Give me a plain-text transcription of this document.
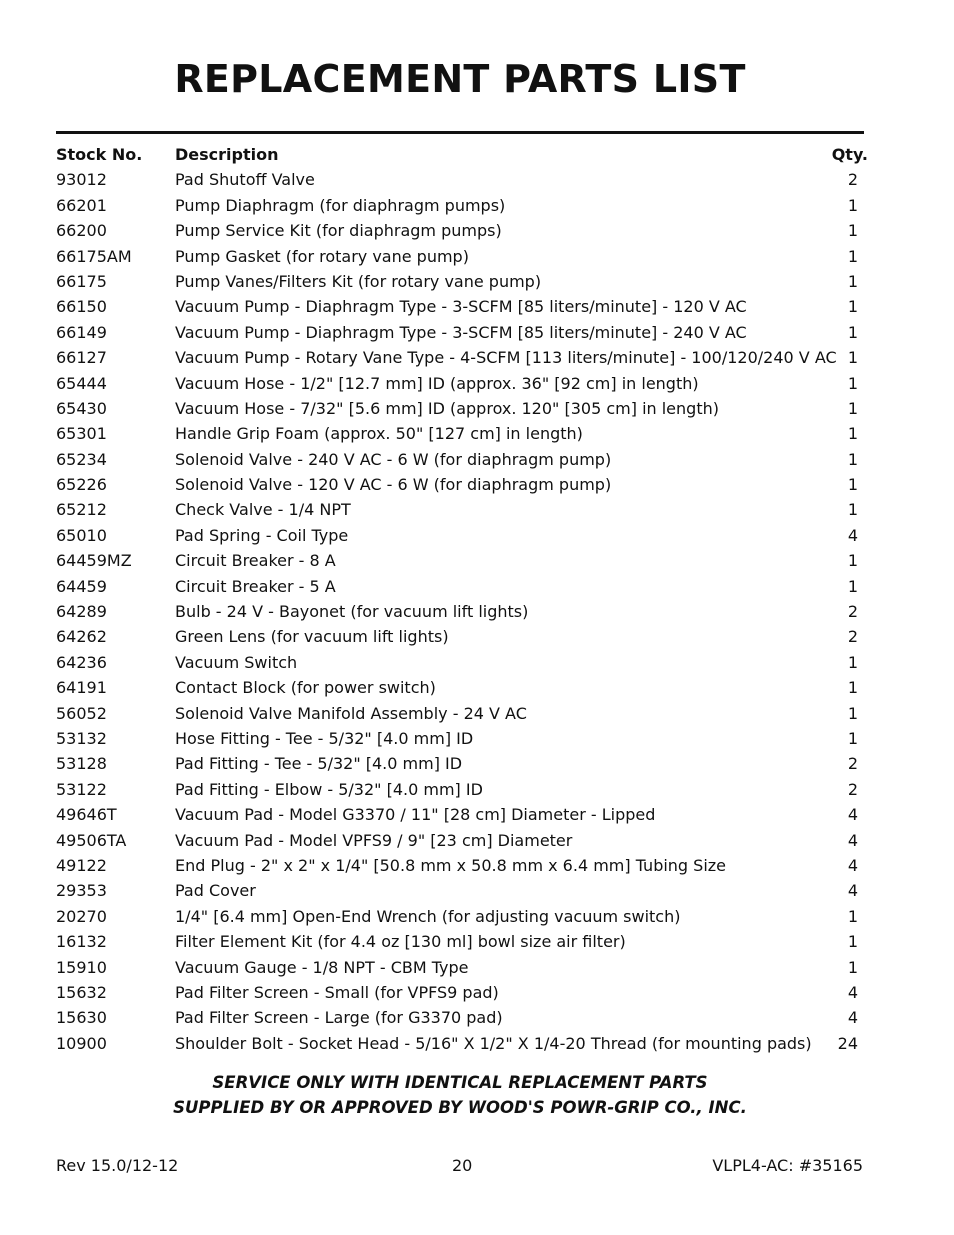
REPLACEMENT PARTS LIST
Stock No. Description	Qty.
93012	Pad Shutoff Valve	2
66201	Pump Diaphragm (for diaphragm pumps)	1
66200	Pump Service Kit (for diaphragm pumps)	1
66175AM	Pump Gasket (for rotary vane pump)	1
66175	Pump Vanes/Filters Kit (for rotary vane pump)	1
66150	Vacuum Pump - Diaphragm Type - 3-SCFM [85 liters/minute] - 120 V AC	1
66149	Vacuum Pump - Diaphragm Type - 3-SCFM [85 liters/minute] - 240 V AC	1
66127	Vacuum Pump - Rotary Vane Type - 4-SCFM [113 liters/minute] - 100/120/240 V AC 1
65444	Vacuum Hose - 1/2" [12.7 mm] ID (approx. 36" [92 cm] in length)	1
65430	Vacuum Hose - 7/32" [5.6 mm] ID (approx. 120" [305 cm] in length)	1
65301	Handle Grip Foam (approx. 50" [127 cm] in length)	1
65234	Solenoid Valve - 240 V AC - 6 W (for diaphragm pump)	1
65226	Solenoid Valve - 120 V AC - 6 W (for diaphragm pump)	1
65212	Check Valve - 1/4 NPT	1
65010	Pad Spring - Coil Type	4
64459MZ	Circuit Breaker - 8 A	1
64459	Circuit Breaker - 5 A	1
64289	Bulb - 24 V - Bayonet (for vacuum lift lights)	2
64262	Green Lens (for vacuum lift lights)	2
64236	Vacuum Switch	1
64191	Contact Block (for power switch)	1
56052	Solenoid Valve Manifold Assembly - 24 V AC	1
53132	Hose Fitting - Tee - 5/32" [4.0 mm] ID	1
53128	Pad Fitting - Tee - 5/32" [4.0 mm] ID	2
53122	Pad Fitting - Elbow - 5/32" [4.0 mm] ID	2
49646T	Vacuum Pad - Model G3370 / 11" [28 cm] Diameter - Lipped	4
49506TA	Vacuum Pad - Model VPFS9 / 9" [23 cm] Diameter	4
49122	End Plug - 2" x 2" x 1/4" [50.8 mm x 50.8 mm x 6.4 mm] Tubing Size	4
29353	Pad Cover	4
20270	1/4" [6.4 mm] Open-End Wrench (for adjusting vacuum switch)	1
16132	Filter Element Kit (for 4.4 oz [130 ml] bowl size air filter)	1
15910	Vacuum Gauge - 1/8 NPT - CBM Type	1
15632	Pad Filter Screen - Small (for VPFS9 pad)	4
15630	Pad Filter Screen - Large (for G3370 pad)	4
10900	Shoulder Bolt - Socket Head - 5/16" X 1/2" X 1/4-20 Thread (for mounting pads) 24
SERVICE ONLY WITH IDENTICAL REPLACEMENT PARTS
SUPPLIED BY OR APPROVED BY WOOD'S POWR-GRIP CO., INC.
Rev 15.0/12-12	20	VLPL4-AC: #35165
